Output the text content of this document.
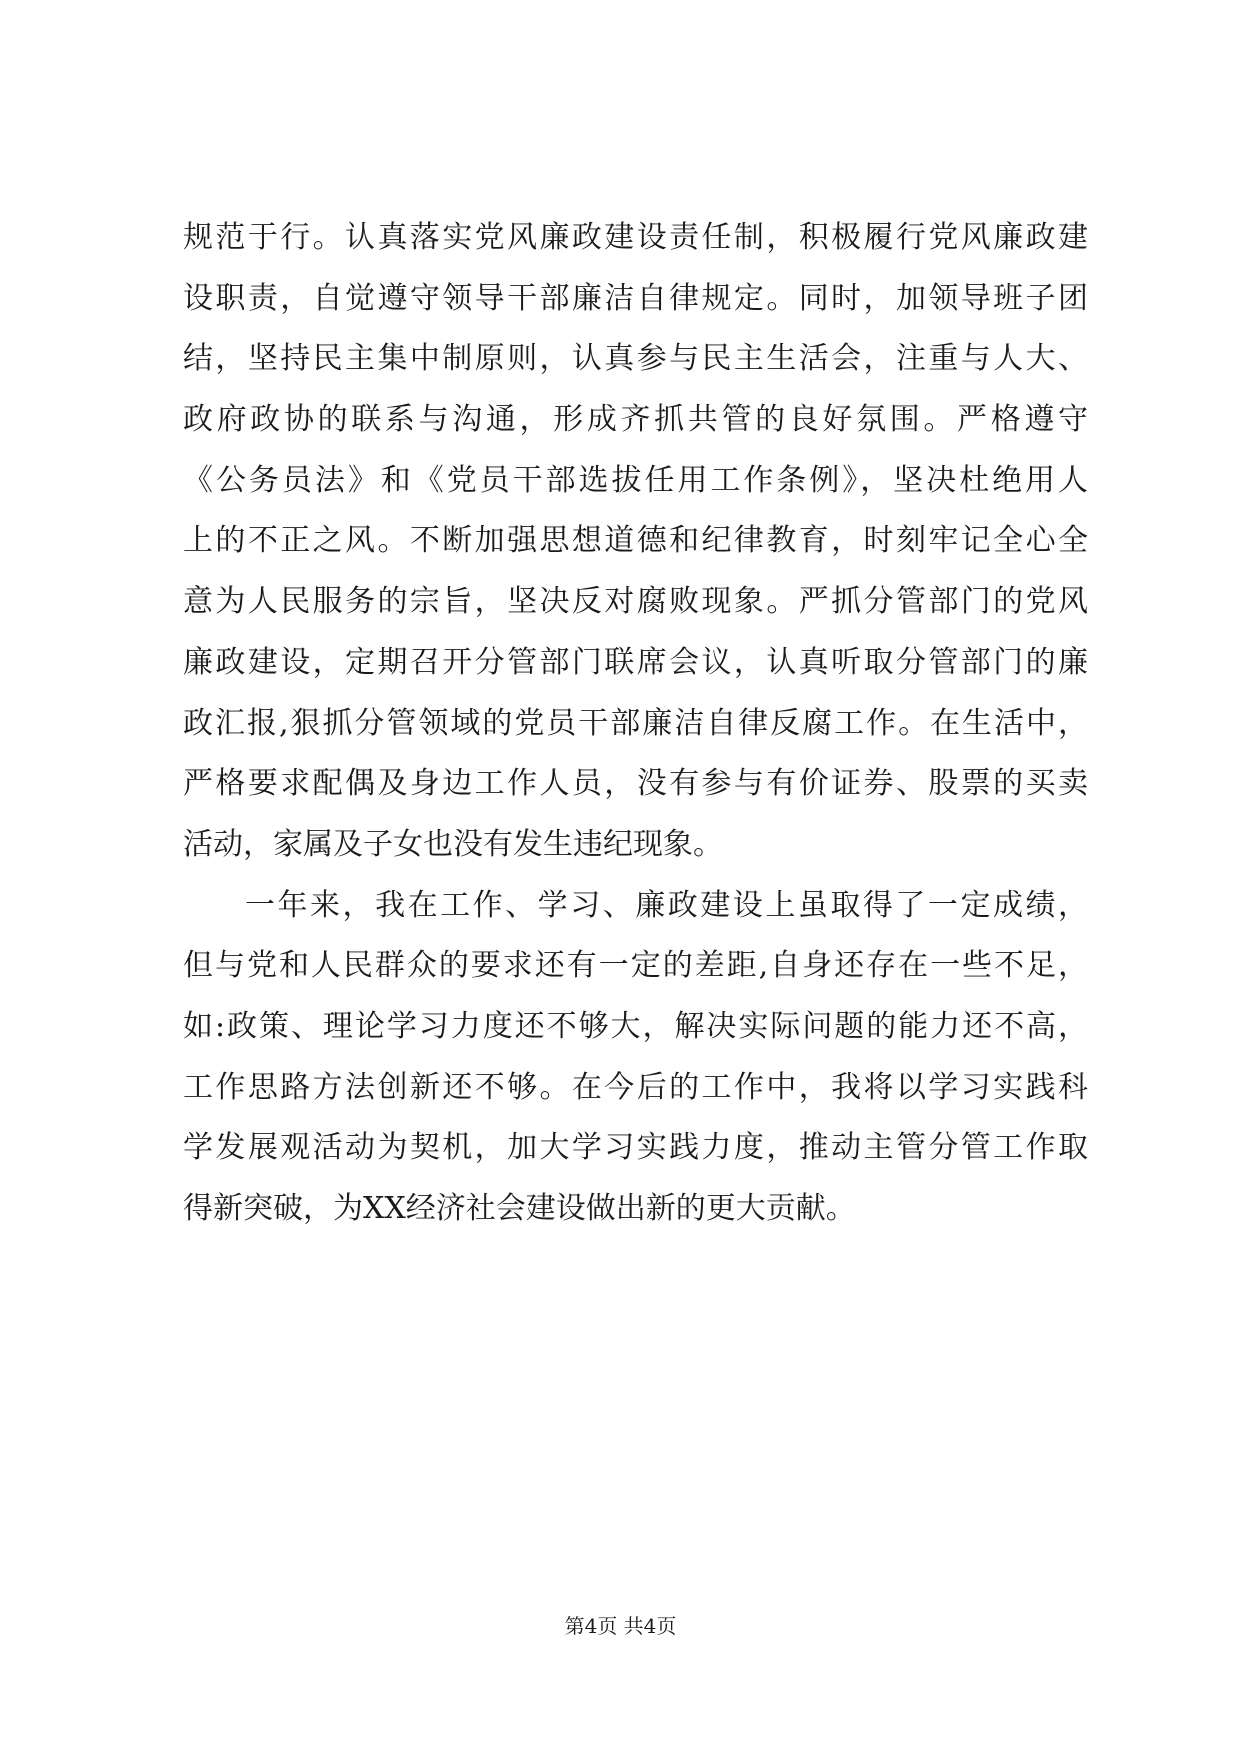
规范于行。认真落实党风廉政建设责任制，积极履行党风廉政建
设职责，自觉遵守领导干部廉洁自律规定。同时，加领导班子团
结，坚持民主集中制原则，认真参与民主生活会，注重与人大、
政府政协的联系与沟通，形成齐抓共管的良好氛围。严格遵守
《公务员法》和《党员干部选拔任用工作条例》，坚决杜绝用人
上的不正之风。不断加强思想道德和纪律教育，时刻牢记全心全
意为人民服务的宗旨，坚决反对腐败现象。严抓分管部门的党风
廉政建设，定期召开分管部门联席会议，认真听取分管部门的廉
政汇报,狠抓分管领域的党员干部廉洁自律反腐工作。在生活中，
严格要求配偶及身边工作人员，没有参与有价证券、股票的买卖
活动，家属及子女也没有发生违纪现象。
一年来，我在工作、学习、廉政建设上虽取得了一定成绩，
但与党和人民群众的要求还有一定的差距,自身还存在一些不足，
如:政策、理论学习力度还不够大，解决实际问题的能力还不高，
工作思路方法创新还不够。在今后的工作中，我将以学习实践科
学发展观活动为契机，加大学习实践力度，推动主管分管工作取
得新突破，为XX经济社会建设做出新的更大贡献。
第4页 共4页
